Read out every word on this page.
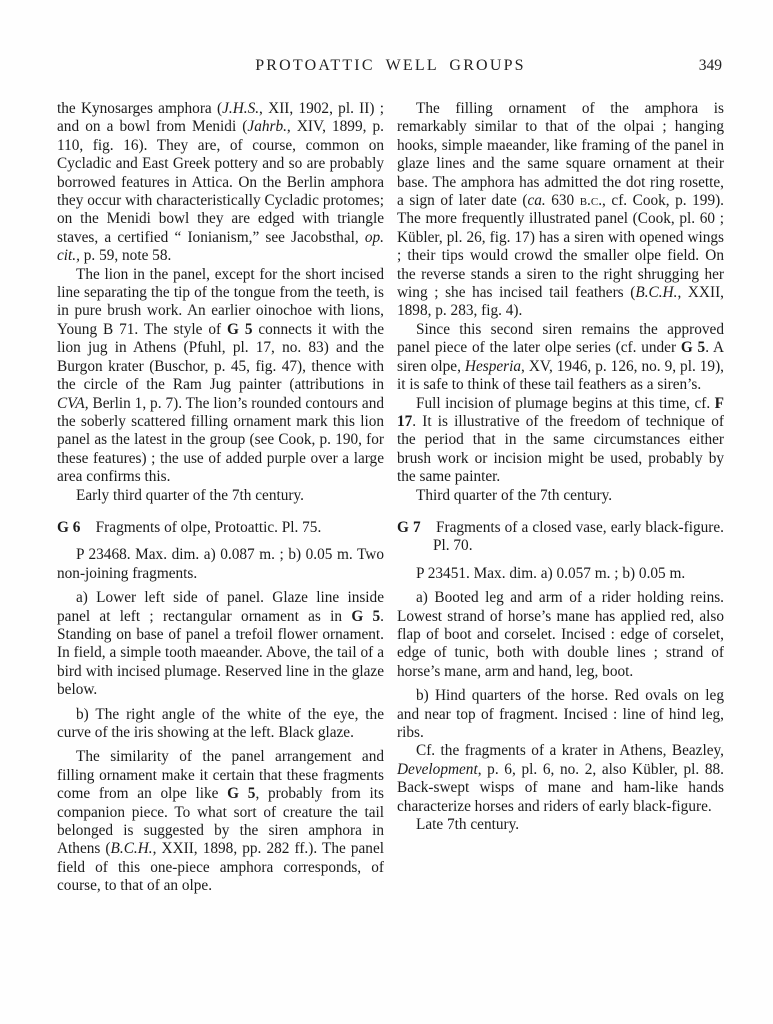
PROTOATTIC WELL GROUPS	349

the Kynosarges amphora (J.H.S., XII, 1902, pl. II) ; and on a bowl from Menidi (Jahrb., XIV, 1899, p. 110, fig. 16). They are, of course, common on Cycladic and East Greek pottery and so are probably borrowed features in Attica. On the Berlin amphora they occur with characteristically Cycladic protomes; on the Menidi bowl they are edged with triangle staves, a certified “ Ionianism,” see Jacobsthal, op. cit., p. 59, note 58.

The lion in the panel, except for the short incised line separating the tip of the tongue from the teeth, is in pure brush work. An earlier oinochoe with lions, Young B 71. The style of G 5 connects it with the lion jug in Athens (Pfuhl, pl. 17, no. 83) and the Burgon krater (Buschor, p. 45, fig. 47), thence with the circle of the Ram Jug painter (attributions in CVA, Berlin 1, p. 7). The lion’s rounded contours and the soberly scattered filling ornament mark this lion panel as the latest in the group (see Cook, p. 190, for these features) ; the use of added purple over a large area confirms this.

Early third quarter of the 7th century.

G 6 Fragments of olpe, Protoattic. Pl. 75.

P 23468. Max. dim. a) 0.087 m. ; b) 0.05 m. Two non-joining fragments.

a) Lower left side of panel. Glaze line inside panel at left ; rectangular ornament as in G 5. Standing on base of panel a trefoil flower ornament. In field, a simple tooth maeander. Above, the tail of a bird with incised plumage. Reserved line in the glaze below.

b) The right angle of the white of the eye, the curve of the iris showing at the left. Black glaze.

The similarity of the panel arrangement and filling ornament make it certain that these fragments come from an olpe like G 5, probably from its companion piece. To what sort of creature the tail belonged is suggested by the siren amphora in Athens (B.C.H., XXII, 1898, pp. 282 ff.). The panel field of this one-piece amphora corresponds, of course, to that of an olpe.

The filling ornament of the amphora is remarkably similar to that of the olpai ; hanging hooks, simple maeander, like framing of the panel in glaze lines and the same square ornament at their base. The amphora has admitted the dot ring rosette, a sign of later date (ca. 630 b.c., cf. Cook, p. 199). The more frequently illustrated panel (Cook, pl. 60 ; Kübler, pl. 26, fig. 17) has a siren with opened wings ; their tips would crowd the smaller olpe field. On the reverse stands a siren to the right shrugging her wing ; she has incised tail feathers (B.C.H., XXII, 1898, p. 283, fig. 4).

Since this second siren remains the approved panel piece of the later olpe series (cf. under G 5. A siren olpe, Hesperia, XV, 1946, p. 126, no. 9, pl. 19), it is safe to think of these tail feathers as a siren’s.

Full incision of plumage begins at this time, cf. F 17. It is illustrative of the freedom of technique of the period that in the same circumstances either brush work or incision might be used, probably by the same painter.

Third quarter of the 7th century.

G 7 Fragments of a closed vase, early black-figure. Pl. 70.

P 23451. Max. dim. a) 0.057 m. ; b) 0.05 m.

a) Booted leg and arm of a rider holding reins. Lowest strand of horse’s mane has applied red, also flap of boot and corselet. Incised : edge of corselet, edge of tunic, both with double lines ; strand of horse’s mane, arm and hand, leg, boot.

b) Hind quarters of the horse. Red ovals on leg and near top of fragment. Incised : line of hind leg, ribs.

Cf. the fragments of a krater in Athens, Beazley, Development, p. 6, pl. 6, no. 2, also Kübler, pl. 88. Back-swept wisps of mane and ham-like hands characterize horses and riders of early black-figure.

Late 7th century.
